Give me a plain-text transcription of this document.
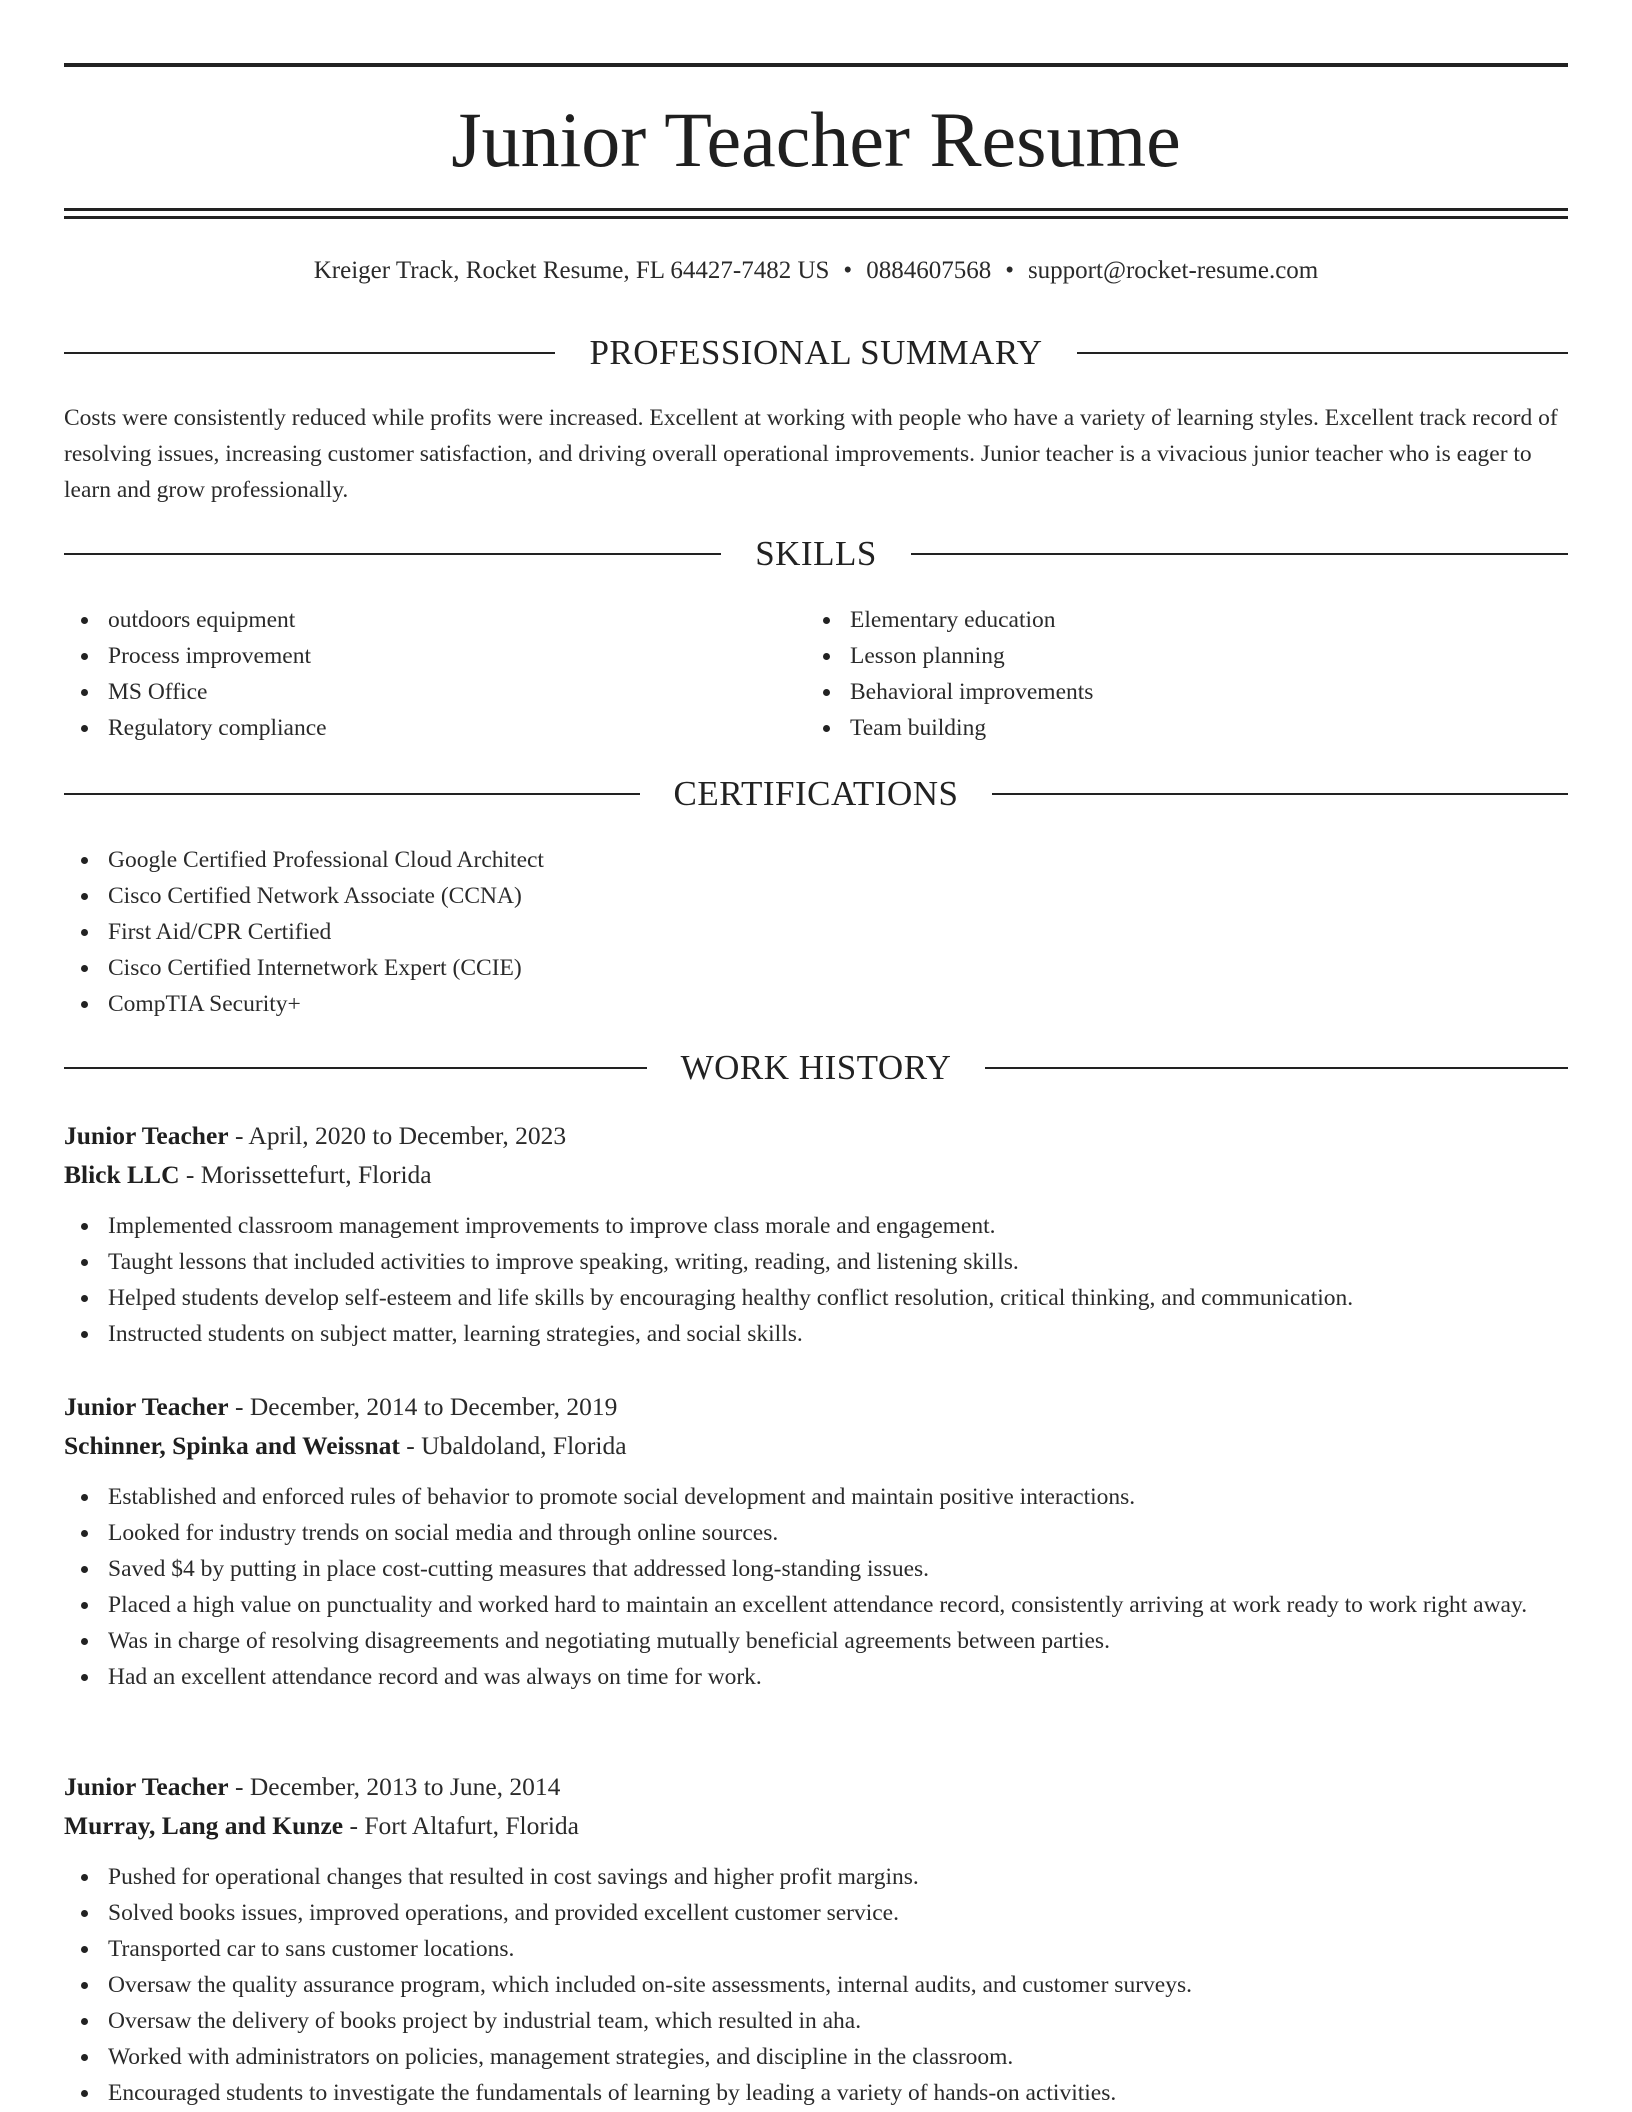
Junior Teacher Resume
Kreiger Track, Rocket Resume, FL 64427-7482 US • 0884607568 • support@rocket-resume.com
PROFESSIONAL SUMMARY

Costs were consistently reduced while profits were increased. Excellent at working with people who have a variety of learning styles. Excellent track record of resolving issues, increasing customer satisfaction, and driving overall operational improvements. Junior teacher is a vivacious junior teacher who is eager to learn and grow professionally.

SKILLS
outdoors equipment
Process improvement
MS Office
Regulatory compliance
Elementary education
Lesson planning
Behavioral improvements
Team building
CERTIFICATIONS
Google Certified Professional Cloud Architect
Cisco Certified Network Associate (CCNA)
First Aid/CPR Certified
Cisco Certified Internetwork Expert (CCIE)
CompTIA Security+
WORK HISTORY
Junior Teacher - April, 2020 to December, 2023
Blick LLC - Morissettefurt, Florida
Implemented classroom management improvements to improve class morale and engagement.
Taught lessons that included activities to improve speaking, writing, reading, and listening skills.
Helped students develop self-esteem and life skills by encouraging healthy conflict resolution, critical thinking, and communication.
Instructed students on subject matter, learning strategies, and social skills.
Junior Teacher - December, 2014 to December, 2019
Schinner, Spinka and Weissnat - Ubaldoland, Florida
Established and enforced rules of behavior to promote social development and maintain positive interactions.
Looked for industry trends on social media and through online sources.
Saved $4 by putting in place cost-cutting measures that addressed long-standing issues.
Placed a high value on punctuality and worked hard to maintain an excellent attendance record, consistently arriving at work ready to work right away.
Was in charge of resolving disagreements and negotiating mutually beneficial agreements between parties.
Had an excellent attendance record and was always on time for work.
Junior Teacher - December, 2013 to June, 2014
Murray, Lang and Kunze - Fort Altafurt, Florida
Pushed for operational changes that resulted in cost savings and higher profit margins.
Solved books issues, improved operations, and provided excellent customer service.
Transported car to sans customer locations.
Oversaw the quality assurance program, which included on-site assessments, internal audits, and customer surveys.
Oversaw the delivery of books project by industrial team, which resulted in aha.
Worked with administrators on policies, management strategies, and discipline in the classroom.
Encouraged students to investigate the fundamentals of learning by leading a variety of hands-on activities.
